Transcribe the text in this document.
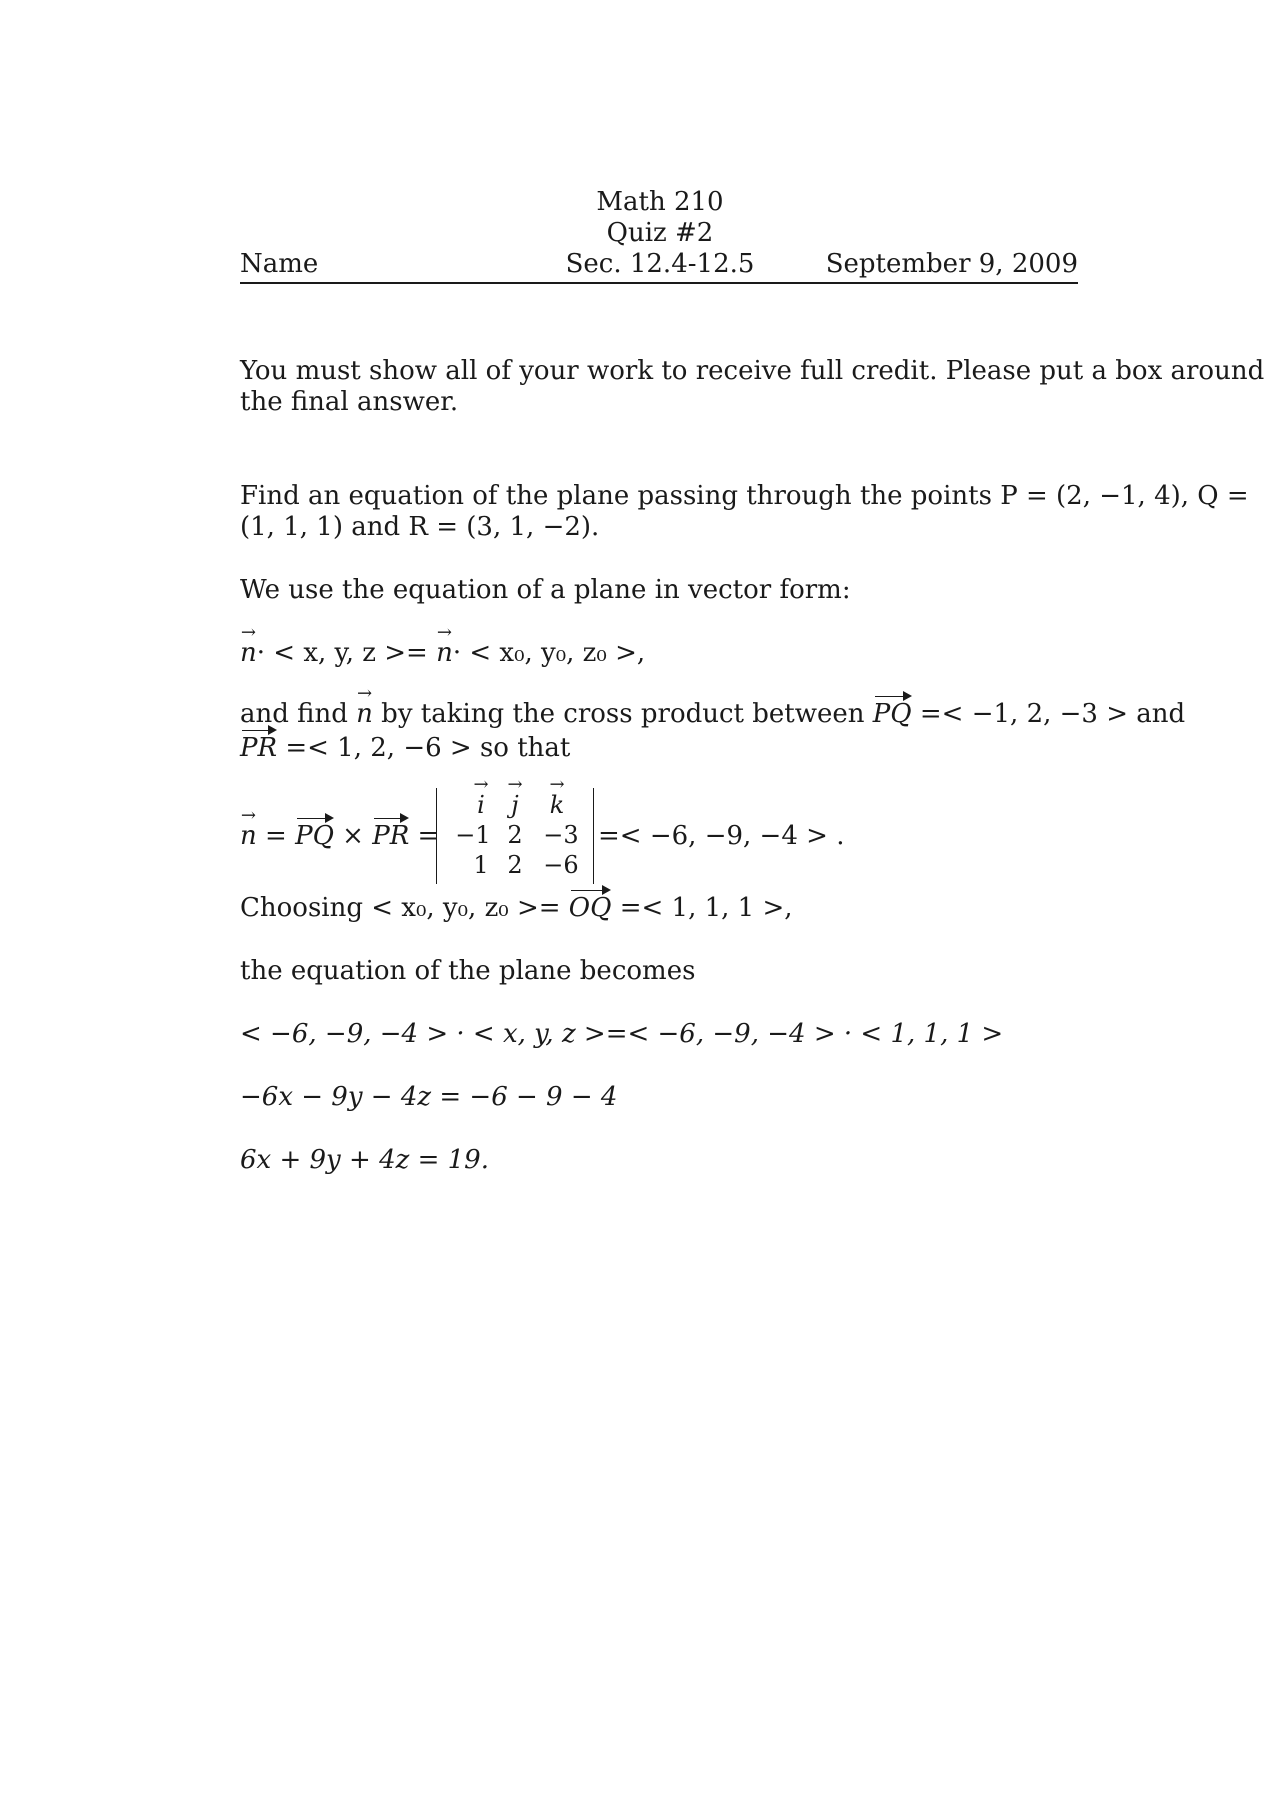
Math 210
Quiz #2
Sec. 12.4-12.5
Name	September 9, 2009
You must show all of your work to receive full credit. Please put a box around
the final answer.
Find an equation of the plane passing through the points P = (2, −1, 4), Q =
(1, 1, 1) and R = (3, 1, −2).
We use the equation of a plane in vector form:
n →· < x, y, z >= n →· < x₀, y₀, z₀ >,
and find n → by taking the cross product between PQ =< −1, 2, −3 > and
PR =< 1, 2, −6 > so that
n → = PQ × PR =
i →	j →	k →
−1 2 −3
1 2 −6
=< −6, −9, −4 > .
Choosing < x₀, y₀, z₀ >= OQ =< 1, 1, 1 >,
the equation of the plane becomes
< −6, −9, −4 > · < x, y, z >=< −6, −9, −4 > · < 1, 1, 1 >
−6x − 9y − 4z = −6 − 9 − 4
6x + 9y + 4z = 19.
